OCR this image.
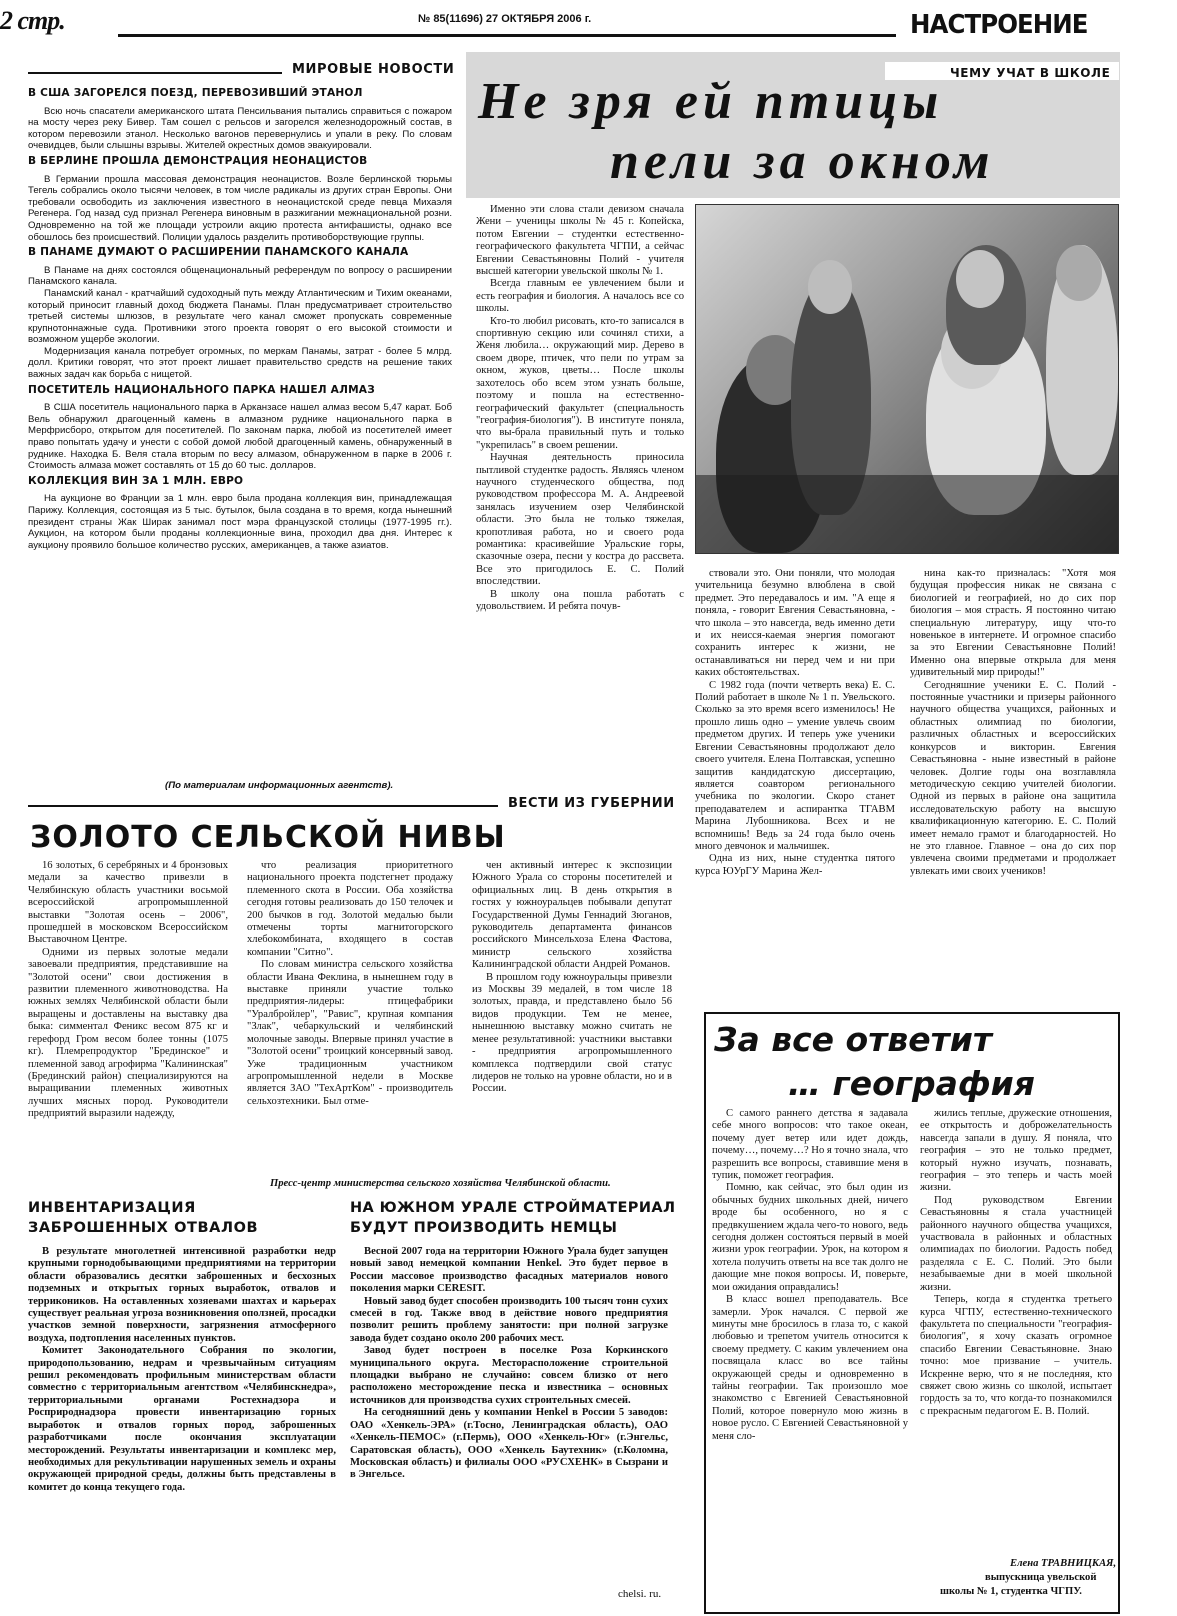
2 стр.	№ 85(11696) 27 ОКТЯБРЯ 2006 г.	НАСТРОЕНИЕ
МИРОВЫЕ НОВОСТИ
В США ЗАГОРЕЛСЯ ПОЕЗД, ПЕРЕВОЗИВШИЙ ЭТАНОЛ

Всю ночь спасатели американского штата Пенсильвания пытались справиться с пожаром на мосту через реку Бивер. Там сошел с рельсов и загорелся железнодорожный состав, в котором перевозили этанол. Несколько вагонов перевернулись и упали в реку. По словам очевидцев, были слышны взрывы. Жителей окрестных домов эвакуировали.

В БЕРЛИНЕ ПРОШЛА ДЕМОНСТРАЦИЯ НЕОНАЦИСТОВ

В Германии прошла массовая демонстрация неонацистов. Возле берлинской тюрьмы Тегель собрались около тысячи человек, в том числе радикалы из других стран Европы. Они требовали освободить из заключения известного в неонацистской среде певца Михаэля Регенера. Год назад суд признал Регенера виновным в разжигании межнациональной розни. Одновременно на той же площади устроили акцию протеста антифашисты, однако все обошлось без происшествий. Полиции удалось разделить противоборствующие группы.

В ПАНАМЕ ДУМАЮТ О РАСШИРЕНИИ ПАНАМСКОГО КАНАЛА

В Панаме на днях состоялся общенациональный референдум по вопросу о расширении Панамского канала.

Панамский канал - кратчайший судоходный путь между Атлантическим и Тихим океанами, который приносит главный доход бюджета Панамы. План предусматривает строительство третьей системы шлюзов, в результате чего канал сможет пропускать современные крупнотоннажные суда. Противники этого проекта говорят о его высокой стоимости и возможном ущербе экологии.

Модернизация канала потребует огромных, по меркам Панамы, затрат - более 5 млрд. долл. Критики говорят, что этот проект лишает правительство средств на решение таких важных задач как борьба с нищетой.

ПОСЕТИТЕЛЬ НАЦИОНАЛЬНОГО ПАРКА НАШЕЛ АЛМАЗ

В США посетитель национального парка в Арканзасе нашел алмаз весом 5,47 карат. Боб Вель обнаружил драгоценный камень в алмазном руднике национального парка в Мерфрисборо, открытом для посетителей. По законам парка, любой из посетителей имеет право попытать удачу и унести с собой домой любой драгоценный камень, обнаруженный в руднике. Находка Б. Веля стала вторым по весу алмазом, обнаруженном в парке в 2006 г. Стоимость алмаза может составлять от 15 до 60 тыс. долларов.

КОЛЛЕКЦИЯ ВИН ЗА 1 МЛН. ЕВРО

На аукционе во Франции за 1 млн. евро была продана коллекция вин, принадлежащая Парижу. Коллекция, состоящая из 5 тыс. бутылок, была создана в то время, когда нынешний президент страны Жак Ширак занимал пост мэра французской столицы (1977-1995 гг.). Аукцион, на котором были проданы коллекционные вина, проходил два дня. Интерес к аукциону проявило большое количество русских, американцев, а также азиатов.

(По материалам информационных агентств).
ЧЕМУ УЧАТ В ШКОЛЕ
Не зря ей птицы
пели за окном

Именно эти слова стали девизом сначала Жени – ученицы школы № 45 г. Копейска, потом Евгении – студентки естественно-географического факультета ЧГПИ, а сейчас Евгении Севастьяновны Полий - учителя высшей категории увельской школы № 1.

Всегда главным ее увлечением были и есть география и биология. А началось все со школы.

Кто-то любил рисовать, кто-то записался в спортивную секцию или сочинял стихи, а Женя любила… окружающий мир. Дерево в своем дворе, птичек, что пели по утрам за окном, жуков, цветы… После школы захотелось обо всем этом узнать больше, поэтому и пошла на естественно-географический факультет (специальность "география-биология"). В институте поняла, что вы-брала правильный путь и только "укрепилась" в своем решении.

Научная деятельность приносила пытливой студентке радость. Являясь членом научного студенческого общества, под руководством профессора М. А. Андреевой занялась изучением озер Челябинской области. Это была не только тяжелая, кропотливая работа, но и своего рода романтика: красивейшие Уральские горы, сказочные озера, песни у костра до рассвета. Все это пригодилось Е. С. Полий впоследствии.

В школу она пошла работать с удовольствием. И ребята почув-

ствовали это. Они поняли, что молодая учительница безумно влюблена в свой предмет. Это передавалось и им. "А еще я поняла, - говорит Евгения Севастьяновна, - что школа – это навсегда, ведь именно дети и их неисся-каемая энергия помогают сохранить интерес к жизни, не останавливаться ни перед чем и ни при каких обстоятельствах.

С 1982 года (почти четверть века) Е. С. Полий работает в школе № 1 п. Увельского. Сколько за это время всего изменилось! Не прошло лишь одно – умение увлечь своим предметом других. И теперь уже ученики Евгении Севастьяновны продолжают дело своего учителя. Елена Полтавская, успешно защитив кандидатскую диссертацию, является соавтором регионального учебника по экологии. Скоро станет преподавателем и аспирантка ТГАВМ Марина Лубошникова. Всех и не вспомнишь! Ведь за 24 года было очень много девчонок и мальчишек.

Одна из них, ныне студентка пятого курса ЮУрГУ Марина Жел-

нина как-то призналась: "Хотя моя будущая профессия никак не связана с биологией и географией, но до сих пор биология – моя страсть. Я постоянно читаю специальную литературу, ищу что-то новенькое в интернете. И огромное спасибо за это Евгении Севастьяновне Полий! Именно она впервые открыла для меня удивительный мир природы!"

Сегодняшние ученики Е. С. Полий - постоянные участники и призеры районного научного общества учащихся, районных и областных олимпиад по биологии, различных областных и всероссийских конкурсов и викторин. Евгения Севастьяновна - ныне известный в районе человек. Долгие годы она возглавляла методическую секцию учителей биологии. Одной из первых в районе она защитила исследовательскую работу на высшую квалификационную категорию. Е. С. Полий имеет немало грамот и благодарностей. Но не это главное. Главное – она до сих пор увлечена своими предметами и продолжает увлекать ими своих учеников!

ВЕСТИ ИЗ ГУБЕРНИИ
ЗОЛОТО СЕЛЬСКОЙ НИВЫ

16 золотых, 6 серебряных и 4 бронзовых медали за качество привезли в Челябинскую область участники восьмой всероссийской агропромышленной выставки "Золотая осень – 2006", прошедшей в московском Всероссийском Выставочном Центре.

Одними из первых золотые медали завоевали предприятия, представившие на "Золотой осени" свои достижения в развитии племенного животноводства. На южных землях Челябинской области были выращены и доставлены на выставку два быка: симментал Феникс весом 875 кг и герефорд Гром весом более тонны (1075 кг). Племрепродуктор "Брединское" и племенной завод агрофирма "Калининская" (Брединский район) специализируются на выращивании племенных животных лучших мясных пород. Руководители предприятий выразили надежду,

что реализация приоритетного национального проекта подстегнет продажу племенного скота в России. Оба хозяйства сегодня готовы реализовать до 150 телочек и 200 бычков в год. Золотой медалью были отмечены торты магнитогорского хлебокомбината, входящего в состав компании "Ситно".

По словам министра сельского хозяйства области Ивана Феклина, в нынешнем году в выставке приняли участие только предприятия-лидеры: птицефабрики "Уралбройлер", "Равис", крупная компания "Злак", чебаркульский и челябинский молочные заводы. Впервые принял участие в "Золотой осени" троицкий консервный завод. Уже традиционным участником агропромышленной недели в Москве является ЗАО "ТехАртКом" - производитель сельхозтехники. Был отме-

чен активный интерес к экспозиции Южного Урала со стороны посетителей и официальных лиц. В день открытия в гостях у южноуральцев побывали депутат Государственной Думы Геннадий Зюганов, руководитель департамента финансов российского Минсельхоза Елена Фастова, министр сельского хозяйства Калининградской области Андрей Романов.

В прошлом году южноуральцы привезли из Москвы 39 медалей, в том числе 18 золотых, правда, и представлено было 56 видов продукции. Тем не менее, нынешнюю выставку можно считать не менее результативной: участники выставки - предприятия агропромышленного комплекса подтвердили свой статус лидеров не только на уровне области, но и в России.

Пресс-центр министерства сельского хозяйства Челябинской области.
ИНВЕНТАРИЗАЦИЯ
ЗАБРОШЕННЫХ ОТВАЛОВ

В результате многолетней интенсивной разработки недр крупными горнодобывающими предприятиями на территории области образовались десятки заброшенных и бесхозных подземных и открытых горных выработок, отвалов и террикоников. На оставленных хозяевами шахтах и карьерах существует реальная угроза возникновения оползней, просадки участков земной поверхности, загрязнения атмосферного воздуха, подтопления населенных пунктов.

Комитет Законодательного Собрания по экологии, природопользованию, недрам и чрезвычайным ситуациям решил рекомендовать профильным министерствам области совместно с территориальным агентством «Челябинскнедра», территориальными органами Ростехнадзора и Росприроднадзора провести инвентаризацию горных выработок и отвалов горных пород, заброшенных разработчиками после окончания эксплуатации месторождений. Результаты инвентаризации и комплекс мер, необходимых для рекультивации нарушенных земель и охраны окружающей природной среды, должны быть представлены в комитет до конца текущего года.

НА ЮЖНОМ УРАЛЕ СТРОЙМАТЕРИАЛ
БУДУТ ПРОИЗВОДИТЬ НЕМЦЫ

Весной 2007 года на территории Южного Урала будет запущен новый завод немецкой компании Henkel. Это будет первое в России массовое производство фасадных материалов нового поколения марки CERESIT.

Новый завод будет способен производить 100 тысяч тонн сухих смесей в год. Также ввод в действие нового предприятия позволит решить проблему занятости: при полной загрузке завода будет создано около 200 рабочих мест.

Завод будет построен в поселке Роза Коркинского муниципального округа. Месторасположение строительной площадки выбрано не случайно: совсем близко от него расположено месторождение песка и известника – основных источников для производства сухих строительных смесей.

На сегодняшний день у компании Henkel в России 5 заводов: ОАО «Хенкель-ЭРА» (г.Тосно, Ленинградская область), ОАО «Хенкель-ПЕМОС» (г.Пермь), ООО «Хенкель-Юг» (г.Энгельс, Саратовская область), ООО «Хенкель Баутехник» (г.Коломна, Московская область) и филиалы ООО «РУСХЕНК» в Сызрани и в Энгельсе.

chelsi. ru.
За все ответит
… география

С самого раннего детства я задавала себе много вопросов: что такое океан, почему дует ветер или идет дождь, почему…, почему…? Но я точно знала, что разрешить все вопросы, ставившие меня в тупик, поможет география.

Помню, как сейчас, это был один из обычных будних школьных дней, ничего вроде бы особенного, но я с предвкушением ждала чего-то нового, ведь сегодня должен состояться первый в моей жизни урок географии. Урок, на котором я хотела получить ответы на все так долго не дающие мне покоя вопросы. И, поверьте, мои ожидания оправдались!

В класс вошел преподаватель. Все замерли. Урок начался. С первой же минуты мне бросилось в глаза то, с какой любовью и трепетом учитель относится к своему предмету. С каким увлечением она посвящала класс во все тайны окружающей среды и одновременно в тайны географии. Так произошло мое знакомство с Евгенией Севастьяновной Полий, которое повернуло мою жизнь в новое русло. С Евгенией Севастьяновной у меня сло-

жились теплые, дружеские отношения, ее открытость и доброжелательность навсегда запали в душу. Я поняла, что география – это не только предмет, который нужно изучать, познавать, география – это теперь и часть моей жизни.

Под руководством Евгении Севастьяновны я стала участницей районного научного общества учащихся, участвовала в районных и областных олимпиадах по биологии. Радость побед разделяла с Е. С. Полий. Это были незабываемые дни в моей школьной жизни.

Теперь, когда я студентка третьего курса ЧГПУ, естественно-технического факультета по специальности "география-биология", я хочу сказать огромное спасибо Евгении Севастьяновне. Знаю точно: мое призвание – учитель. Искренне верю, что я не последняя, кто свяжет свою жизнь со школой, испытает гордость за то, что когда-то познакомился с прекрасным педагогом Е. В. Полий.

Елена ТРАВНИЦКАЯ,
выпускница увельской
школы № 1, студентка ЧГПУ.
